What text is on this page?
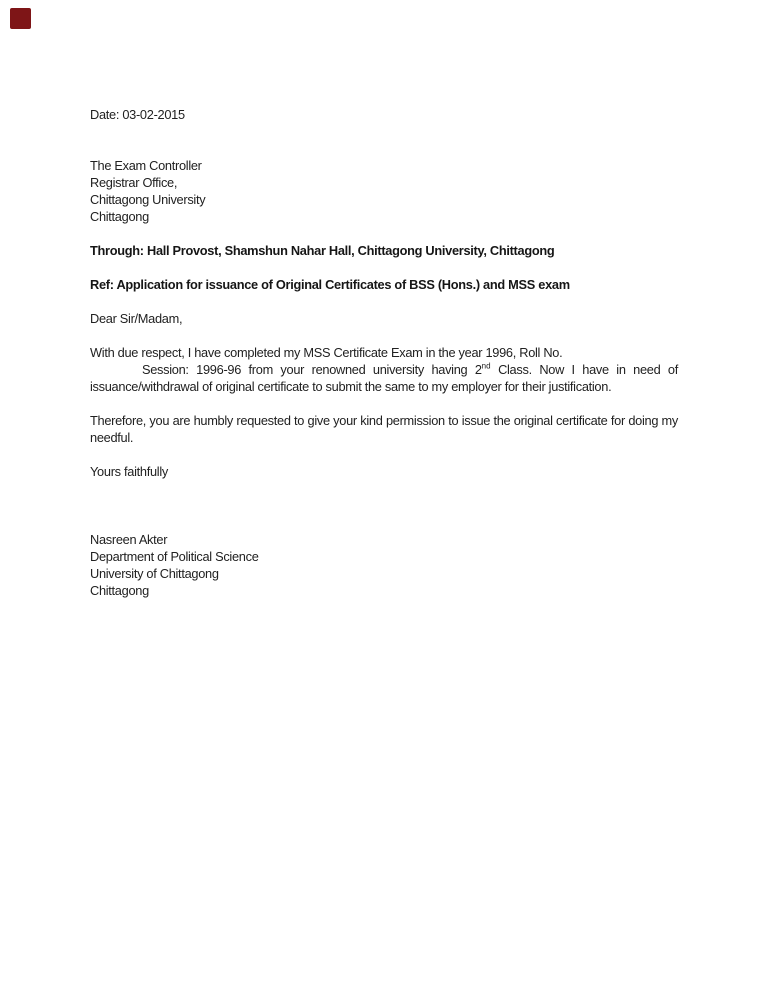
Date: 03-02-2015
The Exam Controller
Registrar Office,
Chittagong University
Chittagong
Through: Hall Provost, Shamshun Nahar Hall, Chittagong University, Chittagong
Ref: Application for issuance of Original Certificates of BSS (Hons.) and MSS exam
Dear Sir/Madam,
With due respect, I have completed my MSS Certificate Exam in the year 1996, Roll No.
Session: 1996-96 from your renowned university having 2nd Class. Now I have in need of issuance/withdrawal of original certificate to submit the same to my employer for their justification.
Therefore, you are humbly requested to give your kind permission to issue the original certificate for doing my needful.
Yours faithfully
Nasreen Akter
Department of Political Science
University of Chittagong
Chittagong
